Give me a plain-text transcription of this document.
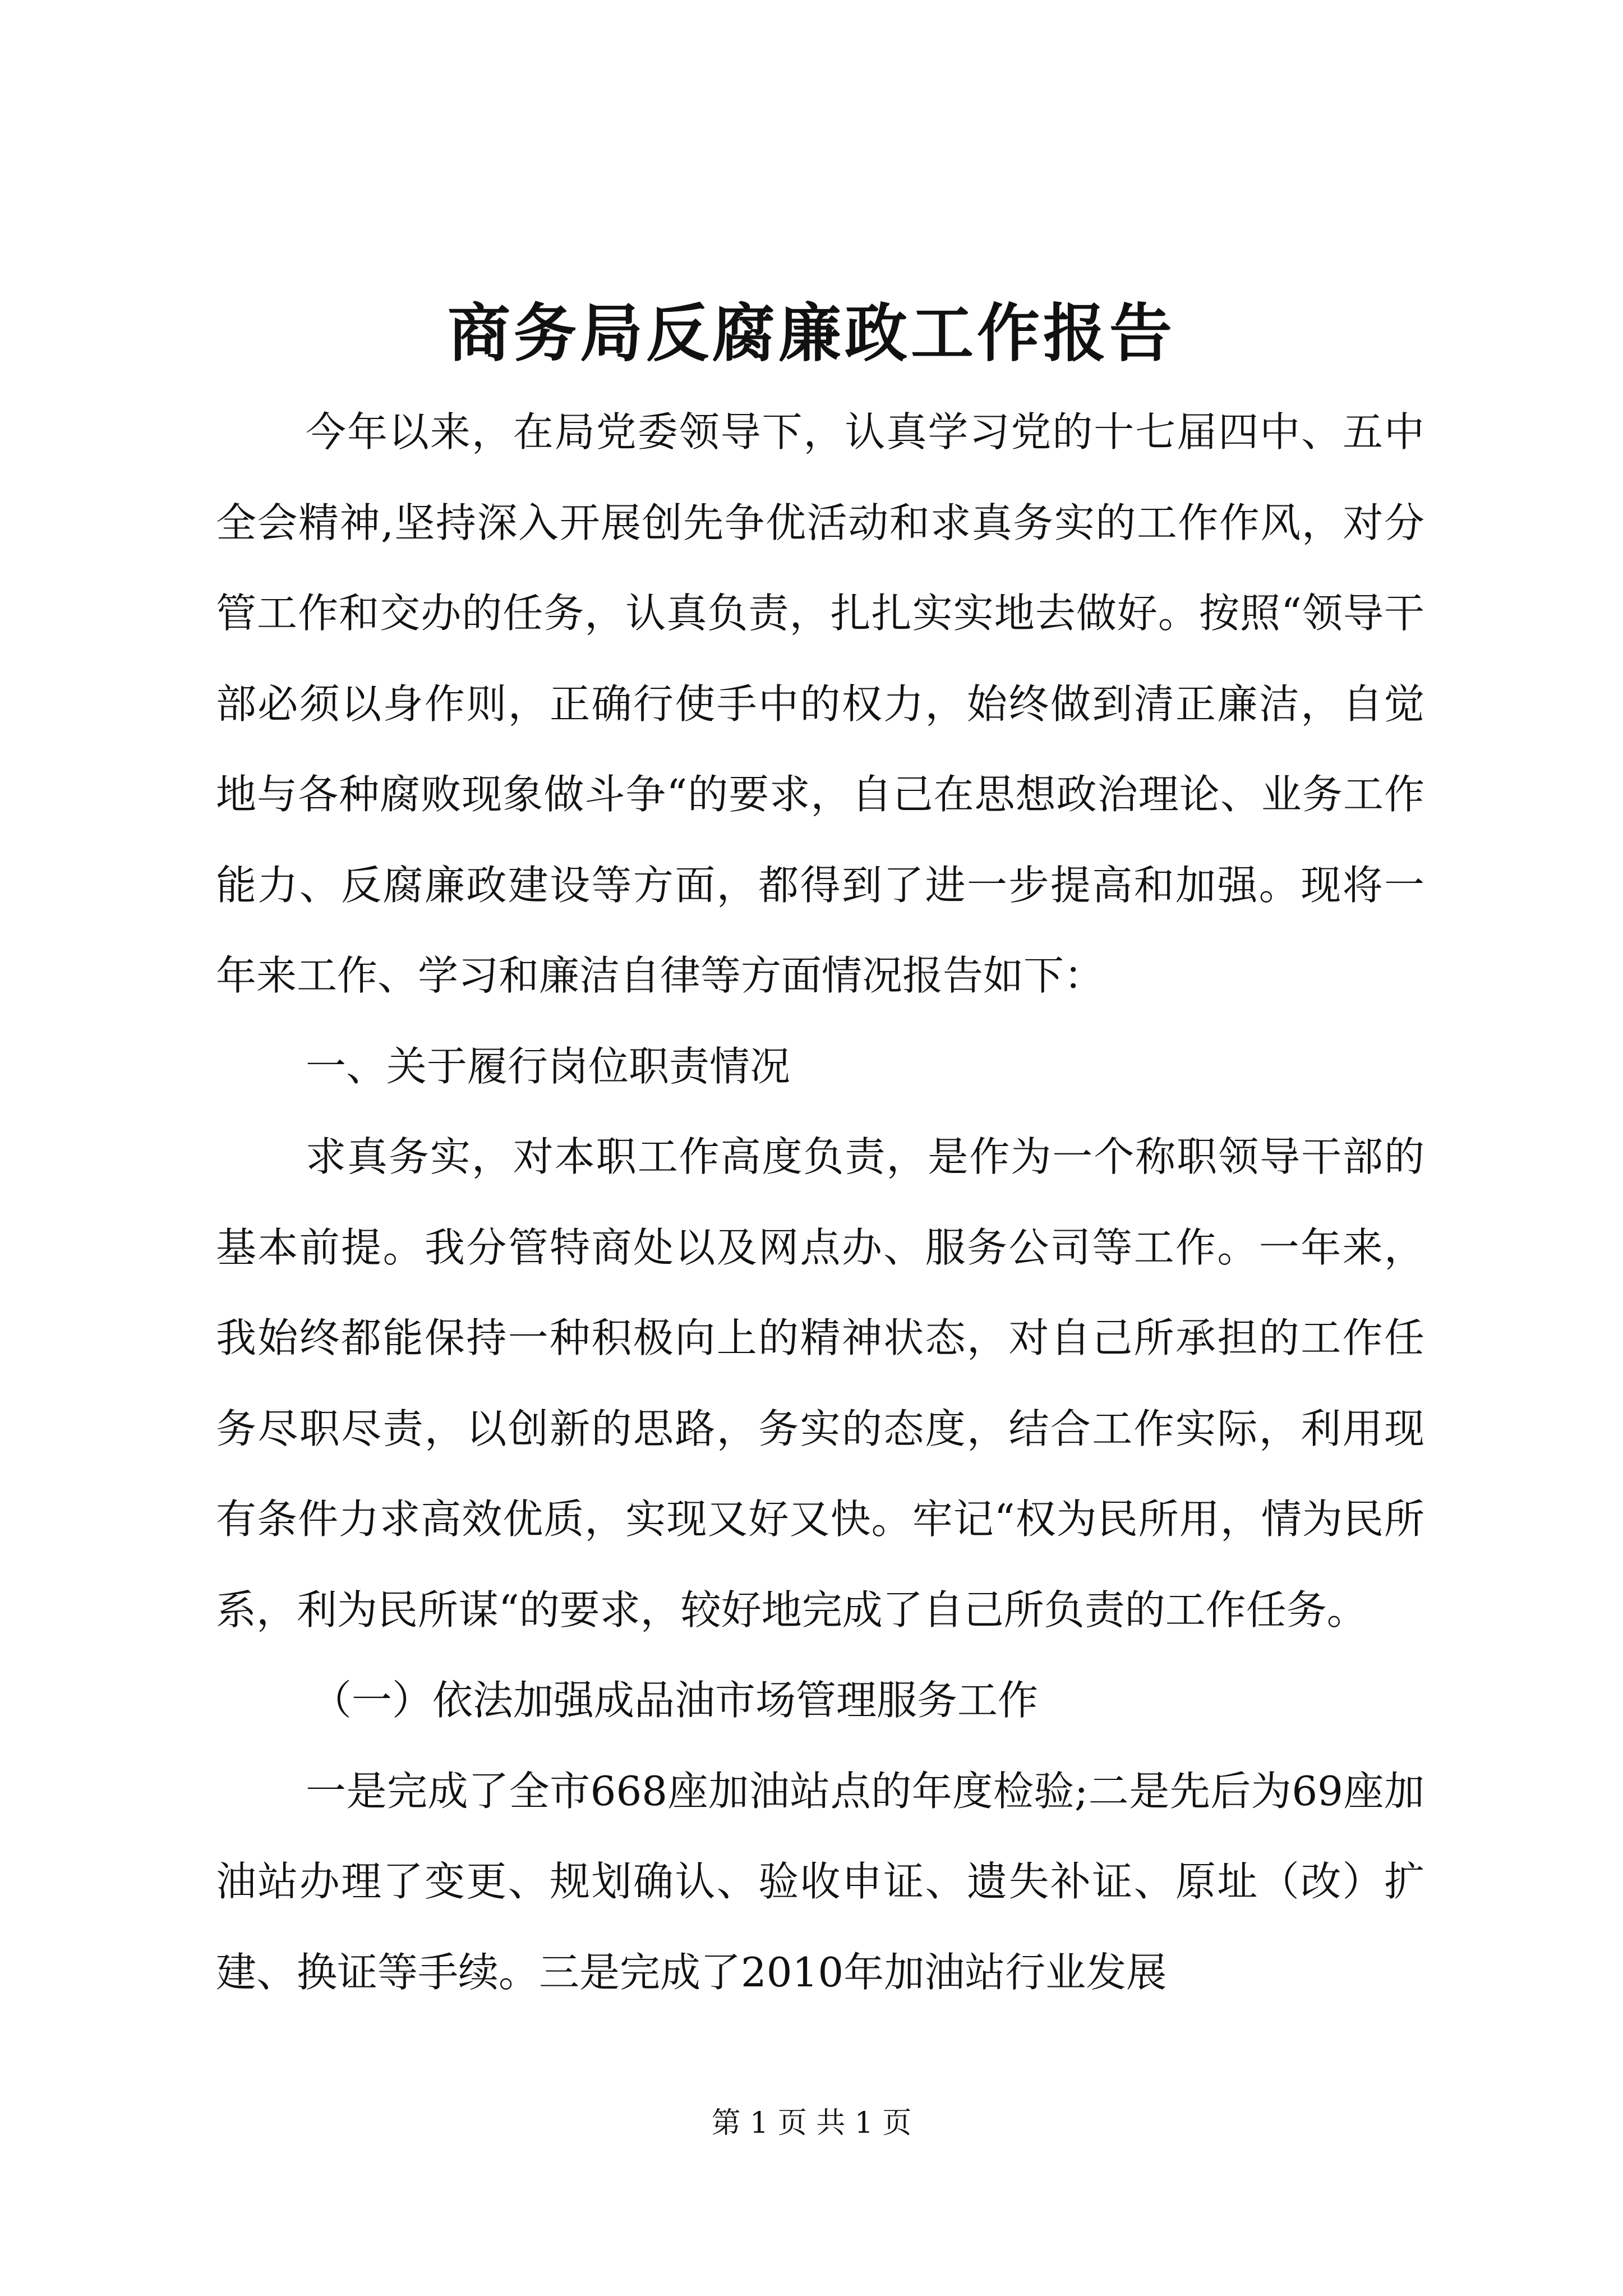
商务局反腐廉政工作报告

今年以来，在局党委领导下，认真学习党的十七届四中、五中全会精神,坚持深入开展创先争优活动和求真务实的工作作风，对分管工作和交办的任务，认真负责，扎扎实实地去做好。按照“领导干部必须以身作则，正确行使手中的权力，始终做到清正廉洁，自觉地与各种腐败现象做斗争“的要求，自己在思想政治理论、业务工作能力、反腐廉政建设等方面，都得到了进一步提高和加强。现将一年来工作、学习和廉洁自律等方面情况报告如下：

一、关于履行岗位职责情况

求真务实，对本职工作高度负责，是作为一个称职领导干部的基本前提。我分管特商处以及网点办、服务公司等工作。一年来，我始终都能保持一种积极向上的精神状态，对自己所承担的工作任务尽职尽责，以创新的思路，务实的态度，结合工作实际，利用现有条件力求高效优质，实现又好又快。牢记“权为民所用，情为民所系，利为民所谋“的要求，较好地完成了自己所负责的工作任务。

（一）依法加强成品油市场管理服务工作

一是完成了全市668座加油站点的年度检验;二是先后为69座加油站办理了变更、规划确认、验收申证、遗失补证、原址（改）扩建、换证等手续。三是完成了2010年加油站行业发展

第 1 页 共 1 页
